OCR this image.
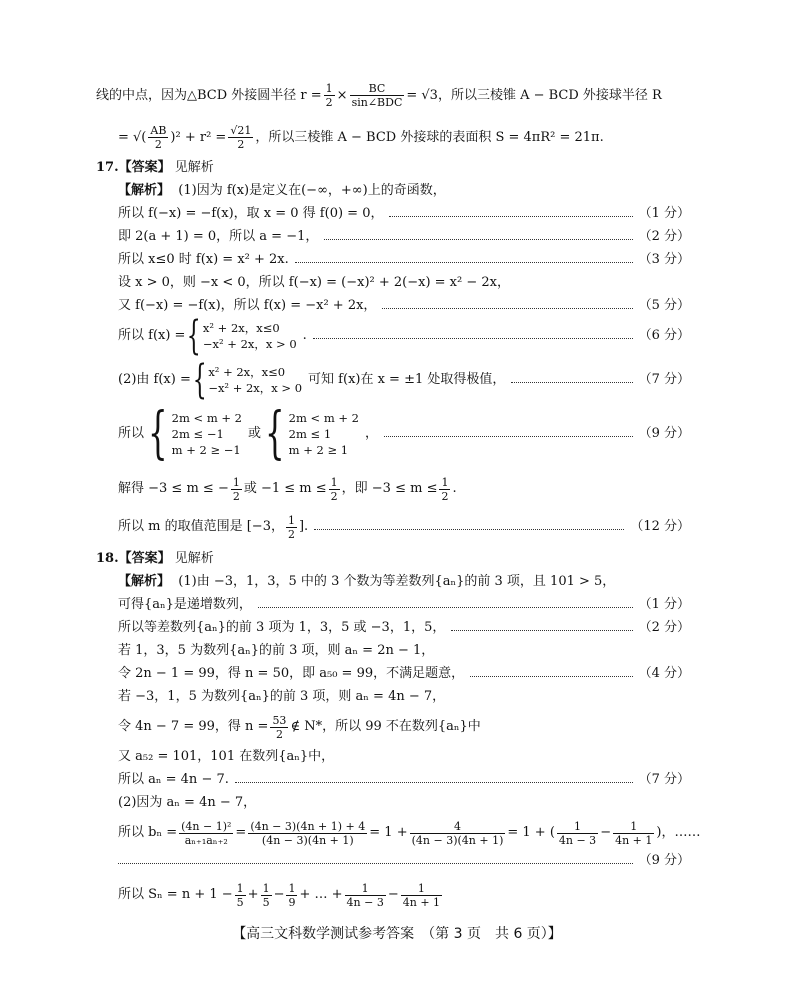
线的中点，因为△BCD 外接圆半径 $r = \frac{1}{2} \times \frac{BC}{\text{sin∠BDC}} = √3$，所以三棱锥 A − BCD 外接球半径 R
= √( $\frac{AB}{2} )^2 + r^2 = \frac{√21}{2}$ ，所以三棱锥 A − BCD 外接球的表面积 S = 4πR² = 21π.
17.【答案】 见解析
【解析】 (1)因为 f(x)是定义在(−∞，+∞)上的奇函数，
所以 f(−x) = −f(x)，取 x = 0 得 f(0) = 0，	（1 分）
即 2(a + 1) = 0，所以 a = −1，	（2 分）
所以 x≤0 时 f(x) = x² + 2x.	（3 分）
设 x > 0，则 −x < 0，所以 f(−x) = (−x)² + 2(−x) = x² − 2x，
又 f(−x) = −f(x)，所以 f(x) = −x² + 2x，	（5 分）
所以 f(x) = { x² + 2x，x≤0
−x² + 2x，x > 0
.	（6 分）
(2)由 f(x) = { x² + 2x，x≤0
−x² + 2x，x > 0
可知 f(x)在 x = ±1 处取得极值，	（7 分）
所以 { 2m < m + 2
2m ≤ −1
m + 2 ≥ −1
或 { 2m < m + 2
2m ≤ 1
m + 2 ≥ 1
，	（9 分）
解得 −3 ≤ m ≤ − $\frac{1}{2}$ 或 $-1 \le m \le \frac{1}{2}$ ，即 $-3 \le m \le \frac{1}{2}$ .
所以 m 的取值范围是
[−3， $\frac{1}{2}$ ].	（12 分）
18.【答案】 见解析
【解析】 (1)由 −3，1，3，5 中的 3 个数为等差数列{aₙ}的前 3 项，且 101 > 5，
可得{aₙ}是递增数列，	（1 分）
所以等差数列{aₙ}的前 3 项为 1，3，5 或 −3，1，5，	（2 分）
若 1，3，5 为数列{aₙ}的前 3 项，则 aₙ = 2n − 1，
令 2n − 1 = 99，得 n = 50，即 a₅₀ = 99，不满足题意，	（4 分）
若 −3，1，5 为数列{aₙ}的前 3 项，则 aₙ = 4n − 7，
令 4n − 7 = 99，得 $n = \frac{53}{2}$ ∉ N*，所以 99 不在数列{aₙ}中
又 a₅₂ = 101，101 在数列{aₙ}中，
所以 aₙ = 4n − 7.	（7 分）
(2)因为 aₙ = 4n − 7，
所以 $b_n = \frac{\text{(4n − 1)²}}{\text{aₙ₊₁aₙ₊₂}} = \frac{(4n - 3)(4n + 1) + 4}{(4n - 3)(4n + 1)} = 1 + \frac{4}{(4n - 3)(4n + 1)} = 1$ + ( $\frac{1}{4n - 3} - \frac{1}{4n + 1}$ )，……
（9 分）
所以 $S_n = n + 1 - \frac{1}{5} + \frac{1}{5} - \frac{1}{9}$ + … + $\frac{1}{4n - 3} - \frac{1}{4n + 1}$
【高三文科数学测试参考答案　（第 3 页　共 6 页）】
